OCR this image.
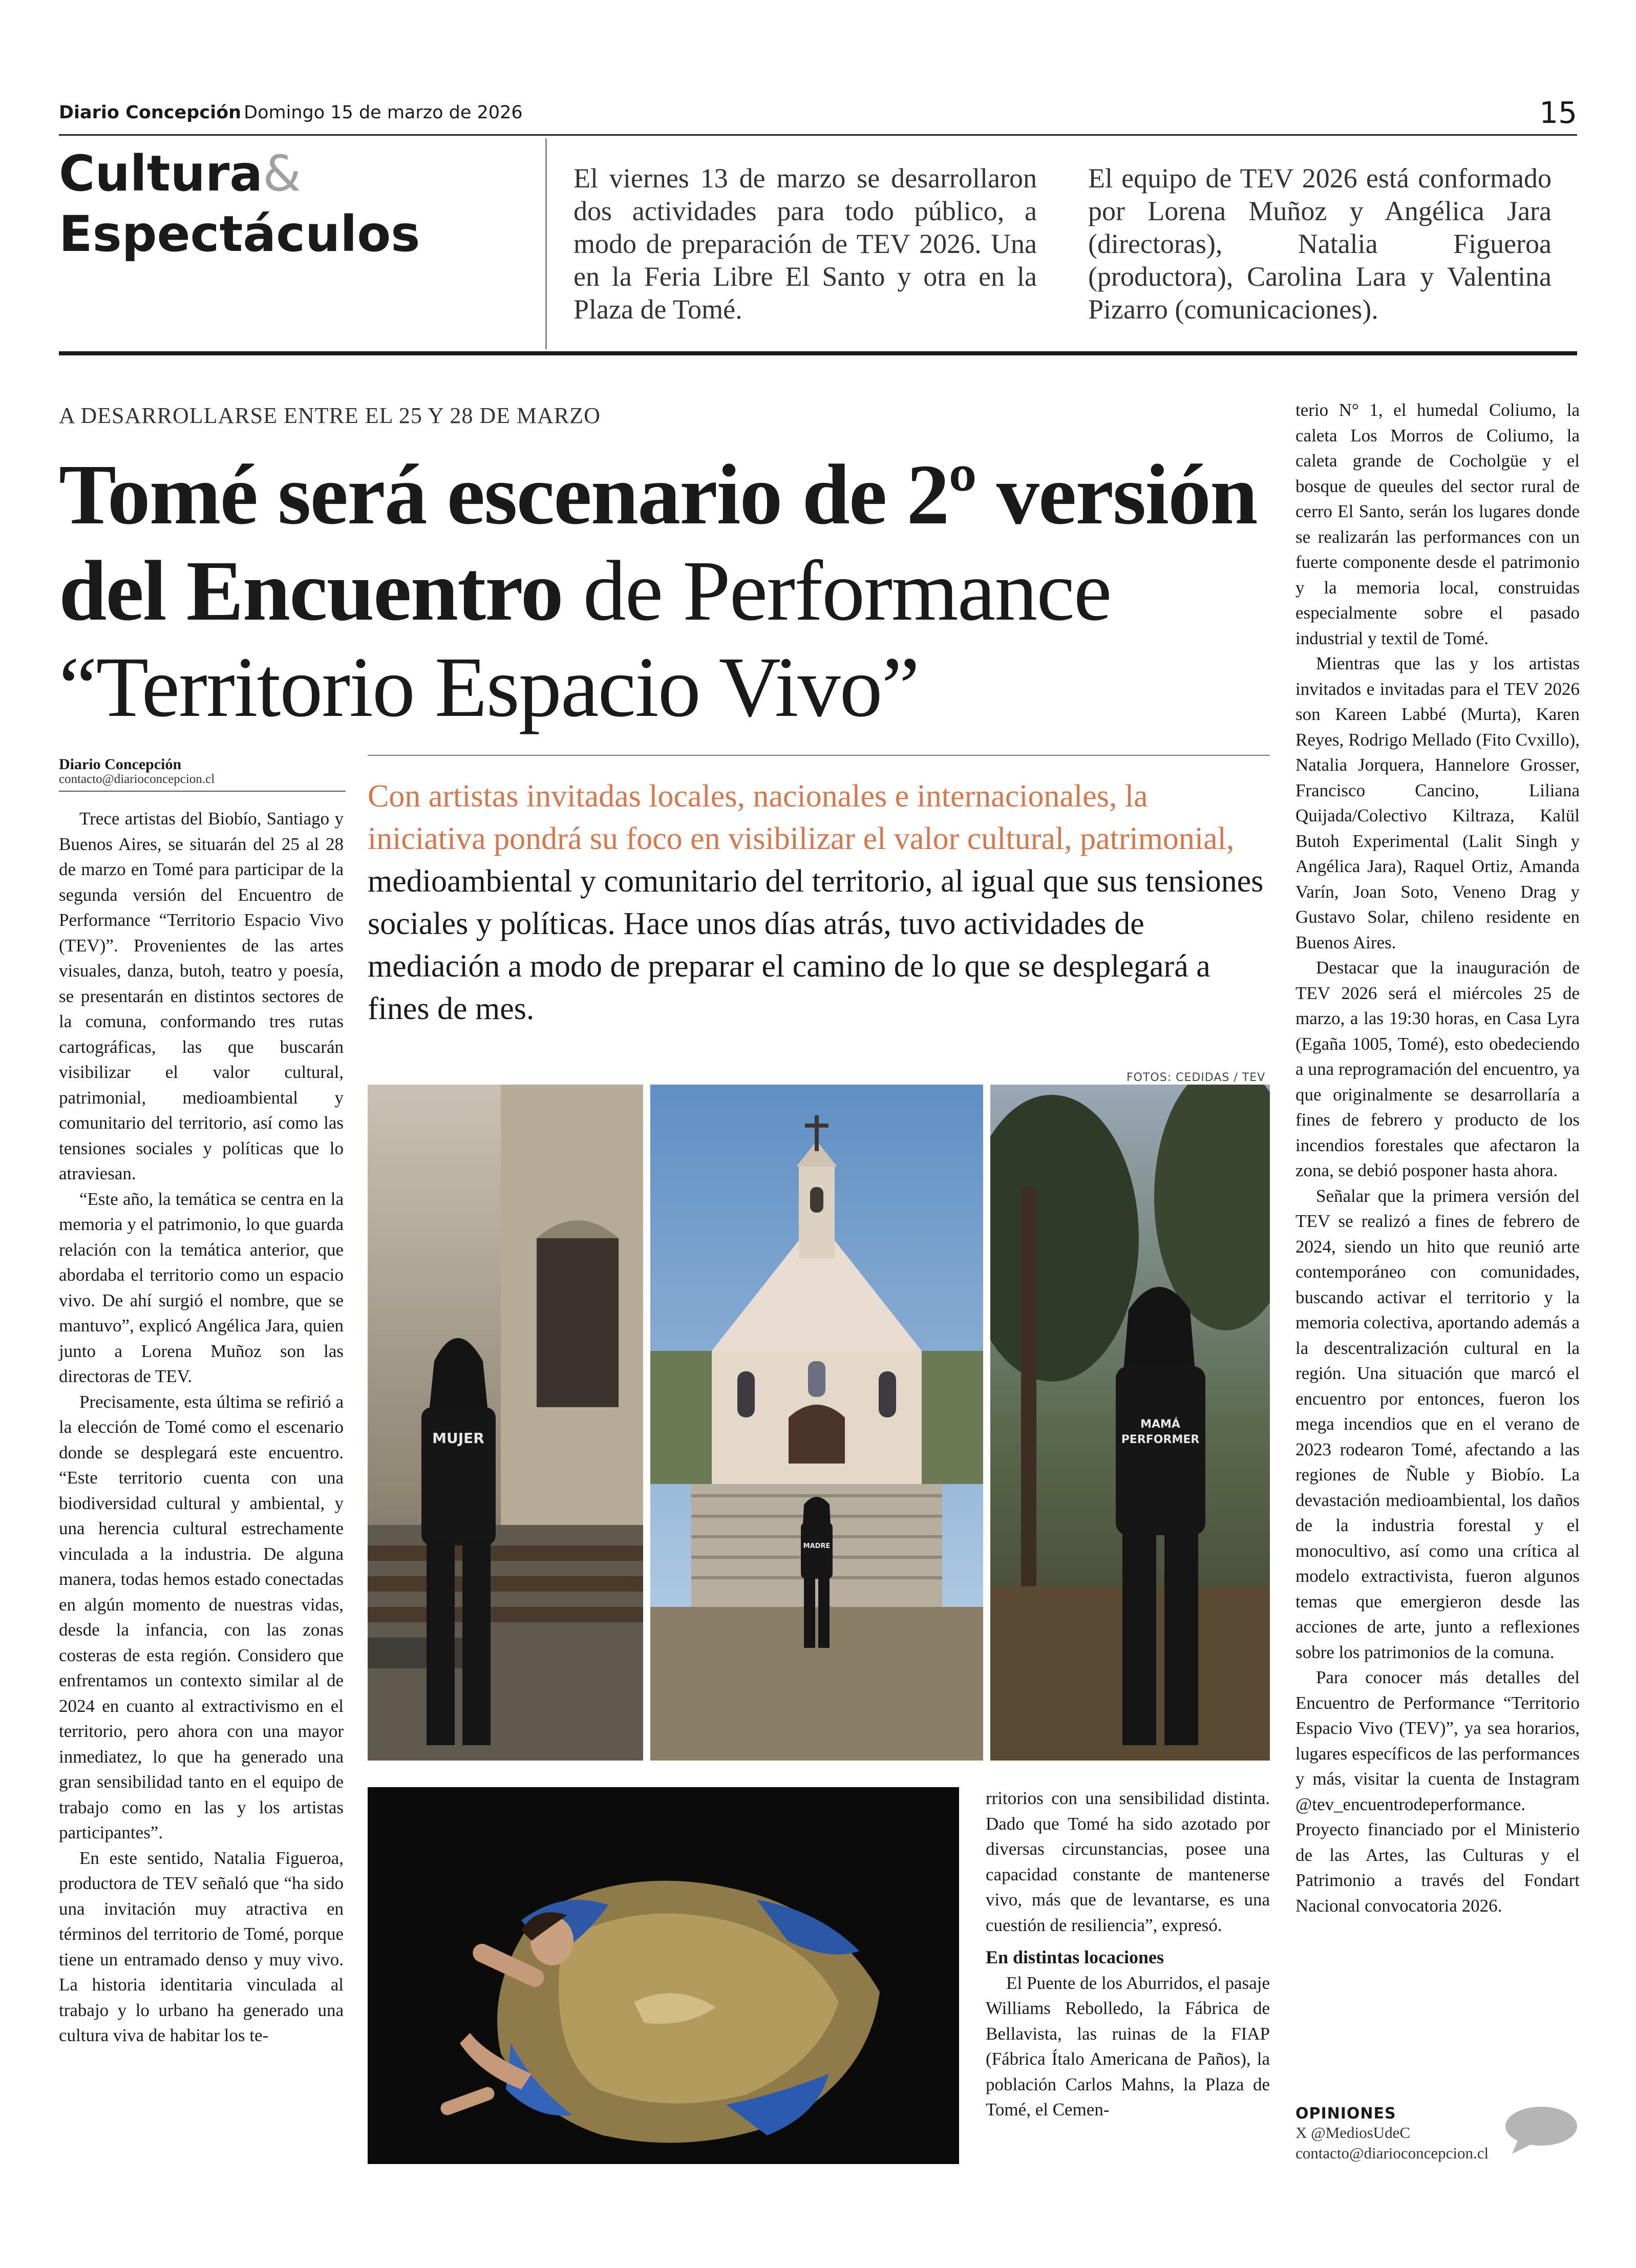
Diario Concepción Domingo 15 de marzo de 2026	15
Cultura&
Espectáculos
El viernes 13 de marzo se desarrollaron dos actividades para todo público, a modo de preparación de TEV 2026. Una en la Feria Libre El Santo y otra en la Plaza de Tomé.
El equipo de TEV 2026 está conformado por Lorena Muñoz y Angélica Jara (directoras), Natalia Figueroa (productora), Carolina Lara y Valentina Pizarro (comunicaciones).
A DESARROLLARSE ENTRE EL 25 Y 28 DE MARZO
Tomé será escenario de 2º versión del Encuentro de Performance
“Territorio Espacio Vivo”
Diario Concepción
contacto@diarioconcepcion.cl	Con artistas invitadas locales, nacionales e internacionales, la iniciativa pondrá su foco en visibilizar el valor cultural, patrimonial, medioambiental y comunitario del territorio, al igual que sus tensiones sociales y políticas. Hace unos días atrás, tuvo actividades de mediación a modo de preparar el camino de lo que se desplegará a fines de mes.

Trece artistas del Biobío, Santiago y Buenos Aires, se situarán del 25 al 28 de marzo en Tomé para participar de la segunda versión del Encuentro de Performance “Territorio Espacio Vivo (TEV)”. Provenientes de las artes visuales, danza, butoh, teatro y poesía, se presentarán en distintos sectores de la comuna, conformando tres rutas cartográficas, las que buscarán visibilizar el valor cultural, patrimonial, medioambiental y comunitario del territorio, así como las tensiones sociales y políticas que lo atraviesan.

“Este año, la temática se centra en la memoria y el patrimonio, lo que guarda relación con la temática anterior, que abordaba el territorio como un espacio vivo. De ahí surgió el nombre, que se mantuvo”, explicó Angélica Jara, quien junto a Lorena Muñoz son las directoras de TEV.

Precisamente, esta última se refirió a la elección de Tomé como el escenario donde se desplegará este encuentro. “Este territorio cuenta con una biodiversidad cultural y ambiental, y una herencia cultural estrechamente vinculada a la industria. De alguna manera, todas hemos estado conectadas en algún momento de nuestras vidas, desde la infancia, con las zonas costeras de esta región. Considero que enfrentamos un contexto similar al de 2024 en cuanto al extractivismo en el territorio, pero ahora con una mayor inmediatez, lo que ha generado una gran sensibilidad tanto en el equipo de trabajo como en las y los artistas participantes”.

En este sentido, Natalia Figueroa, productora de TEV señaló que “ha sido una invitación muy atractiva en términos del territorio de Tomé, porque tiene un entramado denso y muy vivo. La historia identitaria vinculada al trabajo y lo urbano ha generado una cultura viva de habitar los te-

FOTOS: CEDIDAS / TEV
MUJER
MADRE
MAMÁ
PERFORMER

rritorios con una sensibilidad distinta. Dado que Tomé ha sido azotado por diversas circunstancias, posee una capacidad constante de mantenerse vivo, más que de levantarse, es una cuestión de resiliencia”, expresó.

En distintas locaciones

El Puente de los Aburridos, el pasaje Williams Rebolledo, la Fábrica de Bellavista, las ruinas de la FIAP (Fábrica Ítalo Americana de Paños), la población Carlos Mahns, la Plaza de Tomé, el Cemen-

terio N° 1, el humedal Coliumo, la caleta Los Morros de Coliumo, la caleta grande de Cocholgüe y el bosque de queules del sector rural de cerro El Santo, serán los lugares donde se realizarán las performances con un fuerte componente desde el patrimonio y la memoria local, construidas especialmente sobre el pasado industrial y textil de Tomé.

Mientras que las y los artistas invitados e invitadas para el TEV 2026 son Kareen Labbé (Murta), Karen Reyes, Rodrigo Mellado (Fito Cvxillo), Natalia Jorquera, Hannelore Grosser, Francisco Cancino, Liliana Quijada/Colectivo Kiltraza, Kalül Butoh Experimental (Lalit Singh y Angélica Jara), Raquel Ortiz, Amanda Varín, Joan Soto, Veneno Drag y Gustavo Solar, chileno residente en Buenos Aires.

Destacar que la inauguración de TEV 2026 será el miércoles 25 de marzo, a las 19:30 horas, en Casa Lyra (Egaña 1005, Tomé), esto obedeciendo a una reprogramación del encuentro, ya que originalmente se desarrollaría a fines de febrero y producto de los incendios forestales que afectaron la zona, se debió posponer hasta ahora.

Señalar que la primera versión del TEV se realizó a fines de febrero de 2024, siendo un hito que reunió arte contemporáneo con comunidades, buscando activar el territorio y la memoria colectiva, aportando además a la descentralización cultural en la región. Una situación que marcó el encuentro por entonces, fueron los mega incendios que en el verano de 2023 rodearon Tomé, afectando a las regiones de Ñuble y Biobío. La devastación medioambiental, los daños de la industria forestal y el monocultivo, así como una crítica al modelo extractivista, fueron algunos temas que emergieron desde las acciones de arte, junto a reflexiones sobre los patrimonios de la comuna.

Para conocer más detalles del Encuentro de Performance “Territorio Espacio Vivo (TEV)”, ya sea horarios, lugares específicos de las performances y más, visitar la cuenta de Instagram @tev_encuentrodeperformance. Proyecto financiado por el Ministerio de las Artes, las Culturas y el Patrimonio a través del Fondart Nacional convocatoria 2026.

OPINIONES
X @MediosUdeC
contacto@diarioconcepcion.cl
